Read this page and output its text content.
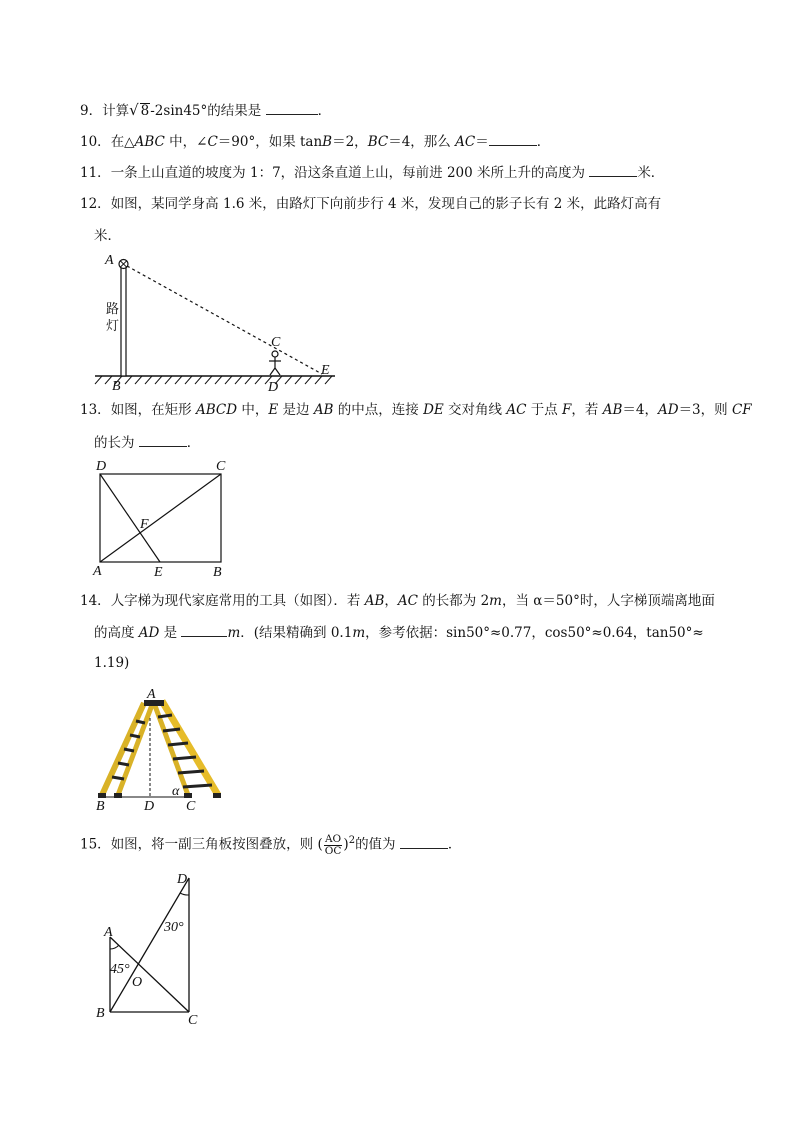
9．计算√ 8-2sin45°的结果是	．
10．在△ABC 中，∠C＝90°，如果 tanB＝2，BC＝4，那么 AC＝	．
11．一条上山直道的坡度为 1：7，沿这条直道上山，每前进 200 米所上升的高度为	米．
12．如图，某同学身高 1.6 米，由路灯下向前步行 4 米，发现自己的影子长有 2 米，此路灯高有
米．
A
B
C
D
E
路
灯
13．如图，在矩形 ABCD 中，E 是边 AB 的中点，连接 DE 交对角线 AC 于点 F，若 AB＝4，AD＝3，则 CF
的长为	．
D	C
A	B
E
F
14．人字梯为现代家庭常用的工具（如图）．若 AB，AC 的长都为 2m，当 α＝50°时，人字梯顶端离地面
的高度 AD 是	m．(结果精确到 0.1m，参考依据：sin50°≈0.77，cos50°≈0.64，tan50°≈
1.19)
A
B	D C
α
15．如图，将一副三角板按图叠放，则 ( $\frac{AO}{OC} )^2$的值为	．
D
A
B	C
O
45°
30°
